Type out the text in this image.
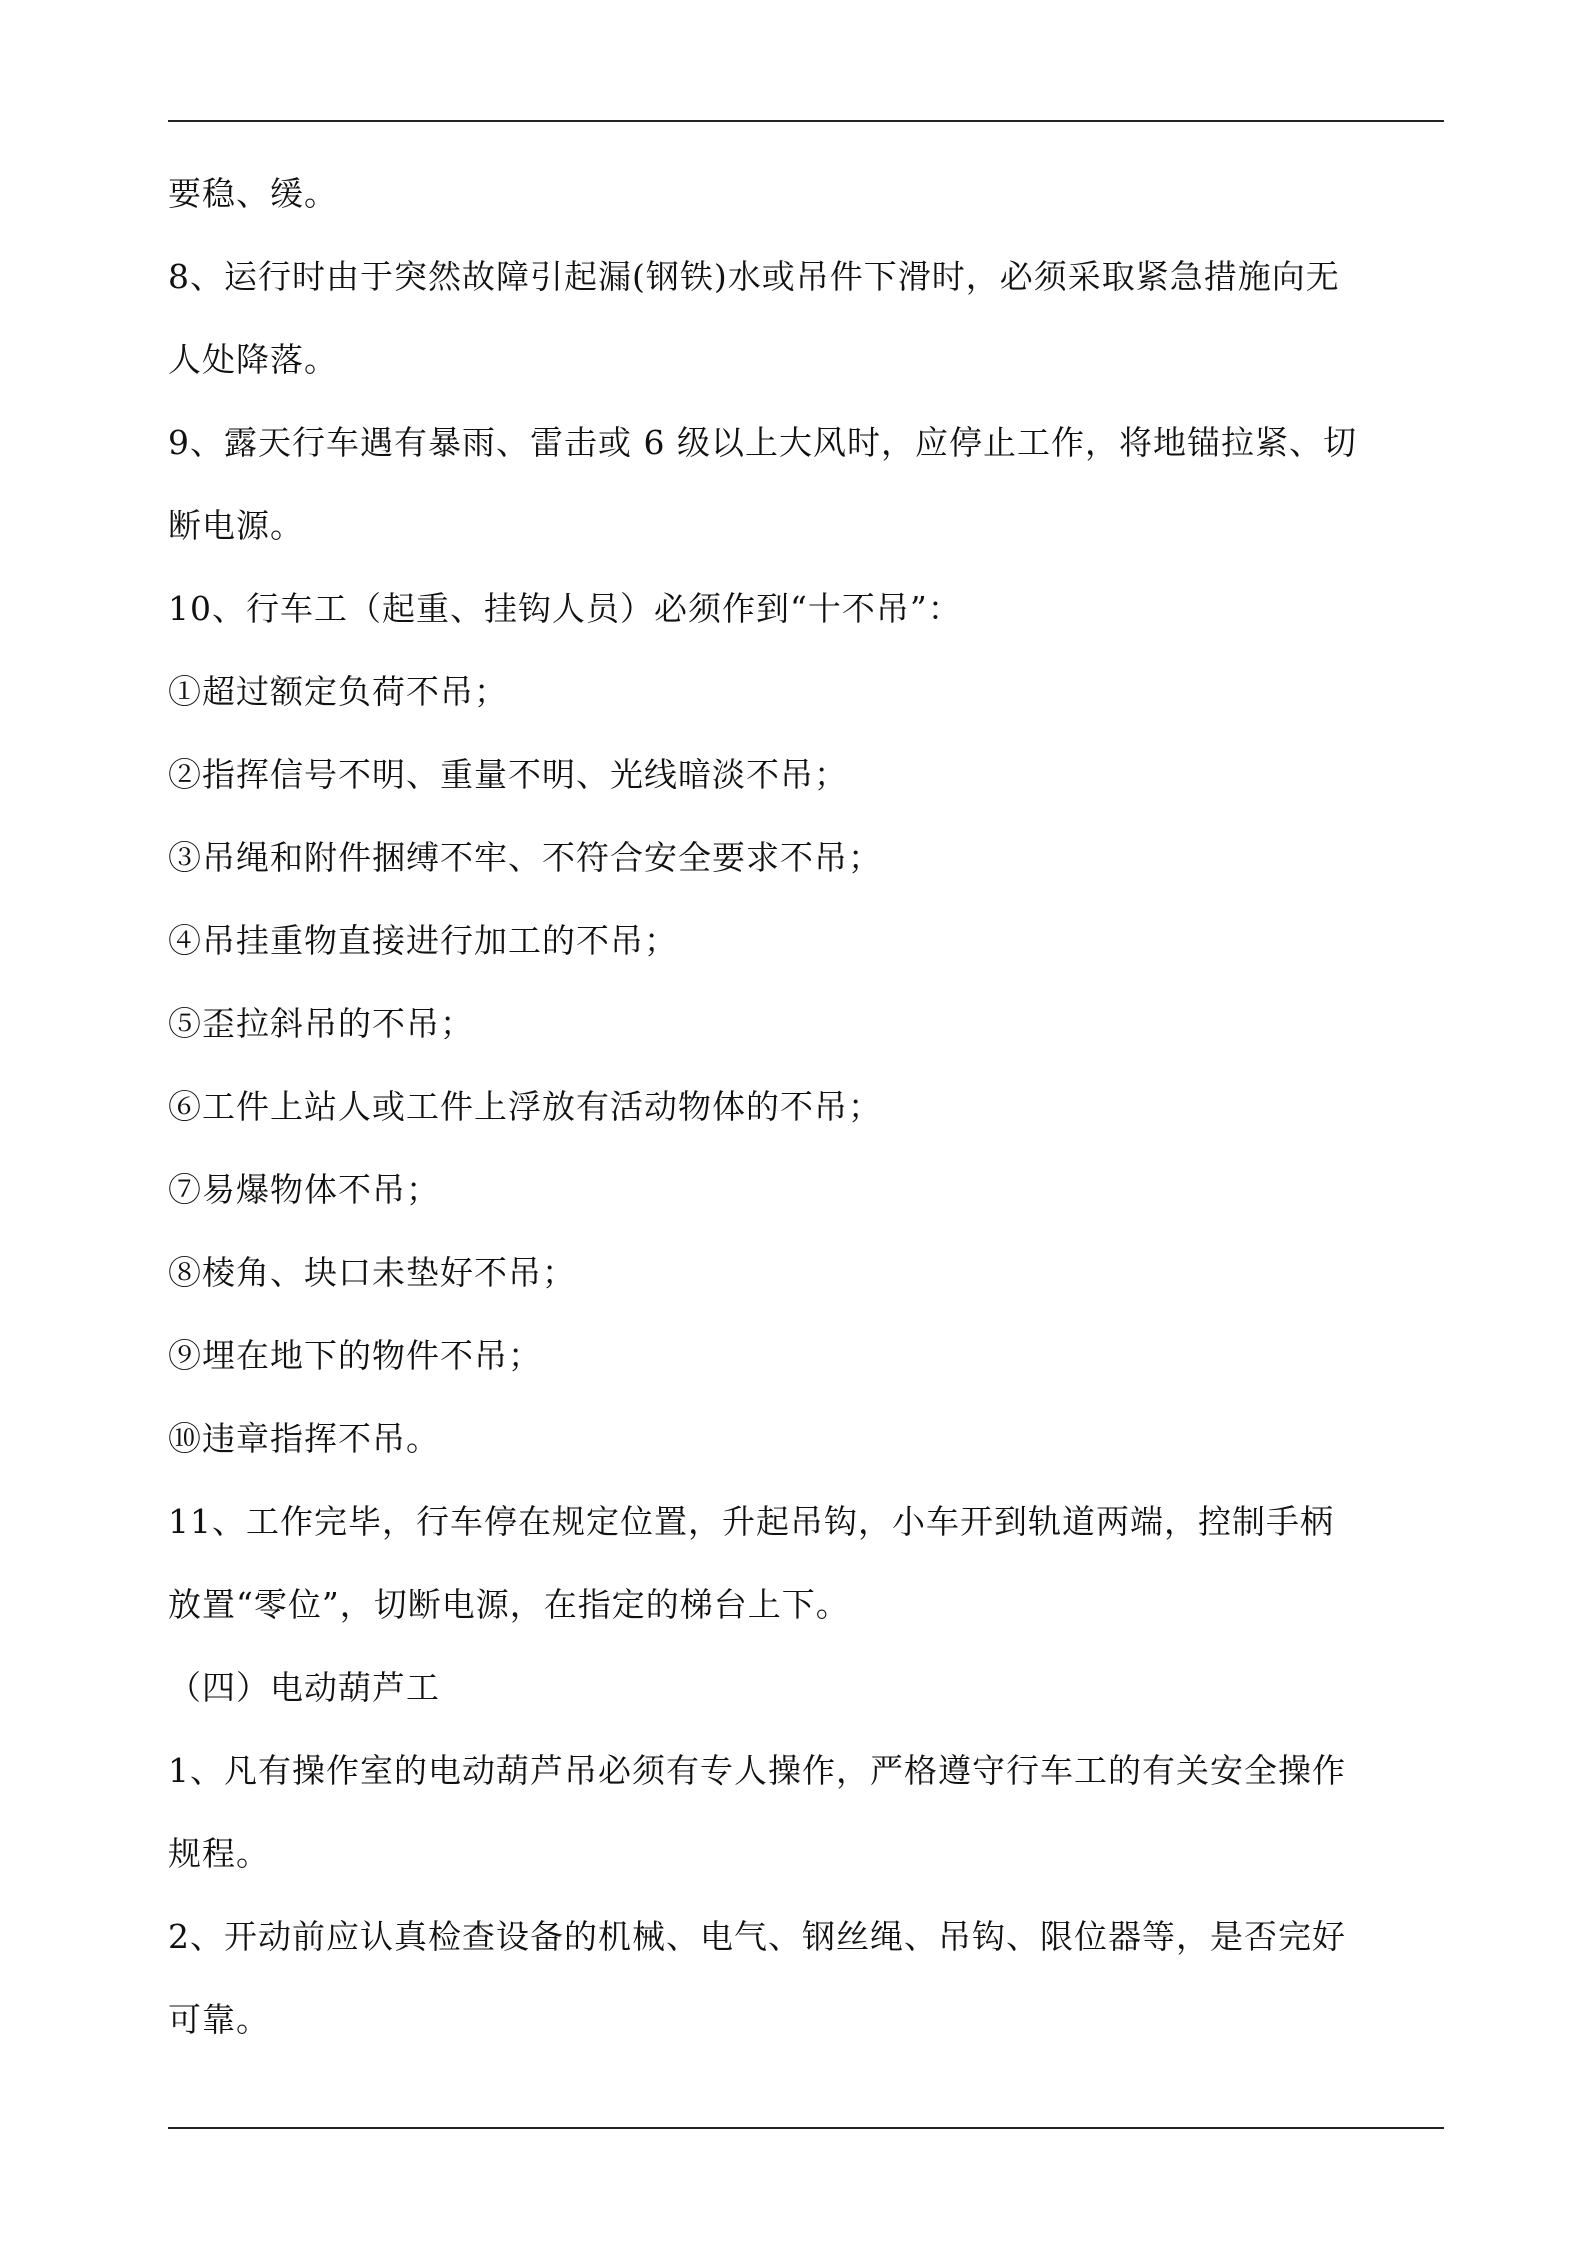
要稳、缓。
8、运行时由于突然故障引起漏(钢铁)水或吊件下滑时，必须采取紧急措施向无
人处降落。
9、露天行车遇有暴雨、雷击或 6 级以上大风时，应停止工作，将地锚拉紧、切
断电源。
10、行车工（起重、挂钩人员）必须作到“十不吊”：
①超过额定负荷不吊；
②指挥信号不明、重量不明、光线暗淡不吊；
③吊绳和附件捆缚不牢、不符合安全要求不吊；
④吊挂重物直接进行加工的不吊；
⑤歪拉斜吊的不吊；
⑥工件上站人或工件上浮放有活动物体的不吊；
⑦易爆物体不吊；
⑧棱角、块口未垫好不吊；
⑨埋在地下的物件不吊；
⑩违章指挥不吊。
11、工作完毕，行车停在规定位置，升起吊钩，小车开到轨道两端，控制手柄
放置“零位”，切断电源，在指定的梯台上下。
（四）电动葫芦工
1、凡有操作室的电动葫芦吊必须有专人操作，严格遵守行车工的有关安全操作
规程。
2、开动前应认真检查设备的机械、电气、钢丝绳、吊钩、限位器等，是否完好
可靠。
